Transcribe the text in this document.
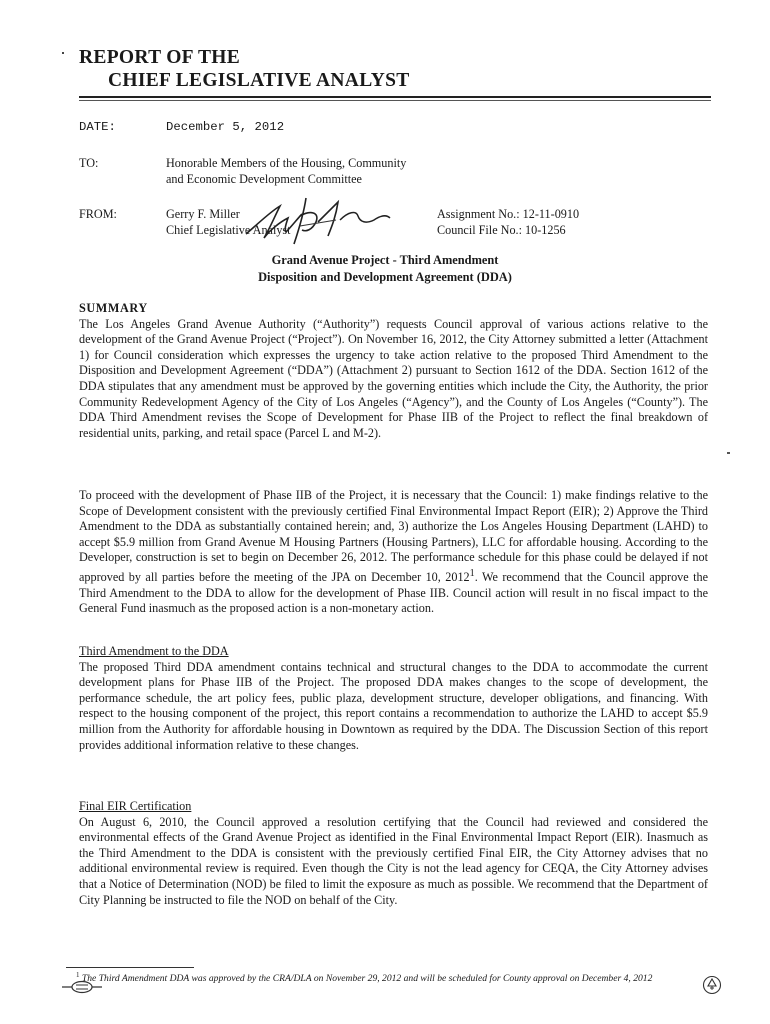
REPORT OF THE
CHIEF LEGISLATIVE ANALYST
DATE:	December 5, 2012
TO:	Honorable Members of the Housing, Community
and Economic Development Committee
FROM:	Gerry F. Miller
Chief Legislative Analyst
Assignment No.: 12-11-0910
Council File No.: 10-1256
Grand Avenue Project - Third Amendment
Disposition and Development Agreement (DDA)
SUMMARY
The Los Angeles Grand Avenue Authority (“Authority”) requests Council approval of various actions relative to the development of the Grand Avenue Project (“Project”). On November 16, 2012, the City Attorney submitted a letter (Attachment 1) for Council consideration which expresses the urgency to take action relative to the proposed Third Amendment to the Disposition and Development Agreement (“DDA”) (Attachment 2) pursuant to Section 1612 of the DDA. Section 1612 of the DDA stipulates that any amendment must be approved by the governing entities which include the City, the Authority, the prior Community Redevelopment Agency of the City of Los Angeles (“Agency”), and the County of Los Angeles (“County”). The DDA Third Amendment revises the Scope of Development for Phase IIB of the Project to reflect the final breakdown of residential units, parking, and retail space (Parcel L and M-2).
To proceed with the development of Phase IIB of the Project, it is necessary that the Council: 1) make findings relative to the Scope of Development consistent with the previously certified Final Environmental Impact Report (EIR); 2) Approve the Third Amendment to the DDA as substantially contained herein; and, 3) authorize the Los Angeles Housing Department (LAHD) to accept $5.9 million from Grand Avenue M Housing Partners (Housing Partners), LLC for affordable housing. According to the Developer, construction is set to begin on December 26, 2012. The performance schedule for this phase could be delayed if not approved by all parties before the meeting of the JPA on December 10, 2012$^1$. We recommend that the Council approve the Third Amendment to the DDA to allow for the development of Phase IIB. Council action will result in no fiscal impact to the General Fund inasmuch as the proposed action is a non-monetary action.
Third Amendment to the DDA
The proposed Third DDA amendment contains technical and structural changes to the DDA to accommodate the current development plans for Phase IIB of the Project. The proposed DDA makes changes to the scope of development, the performance schedule, the art policy fees, public plaza, development structure, developer obligations, and financing. With respect to the housing component of the project, this report contains a recommendation to authorize the LAHD to accept $5.9 million from the Authority for affordable housing in Downtown as required by the DDA. The Discussion Section of this report provides additional information relative to these changes.
Final EIR Certification
On August 6, 2010, the Council approved a resolution certifying that the Council had reviewed and considered the environmental effects of the Grand Avenue Project as identified in the Final Environmental Impact Report (EIR). Inasmuch as the Third Amendment to the DDA is consistent with the previously certified Final EIR, the City Attorney advises that no additional environmental review is required. Even though the City is not the lead agency for CEQA, the City Attorney advises that a Notice of Determination (NOD) be filed to limit the exposure as much as possible. We recommend that the Department of City Planning be instructed to file the NOD on behalf of the City.
$^1$ The Third Amendment DDA was approved by the CRA/DLA on November 29, 2012 and will be scheduled for County approval on December 4, 2012
